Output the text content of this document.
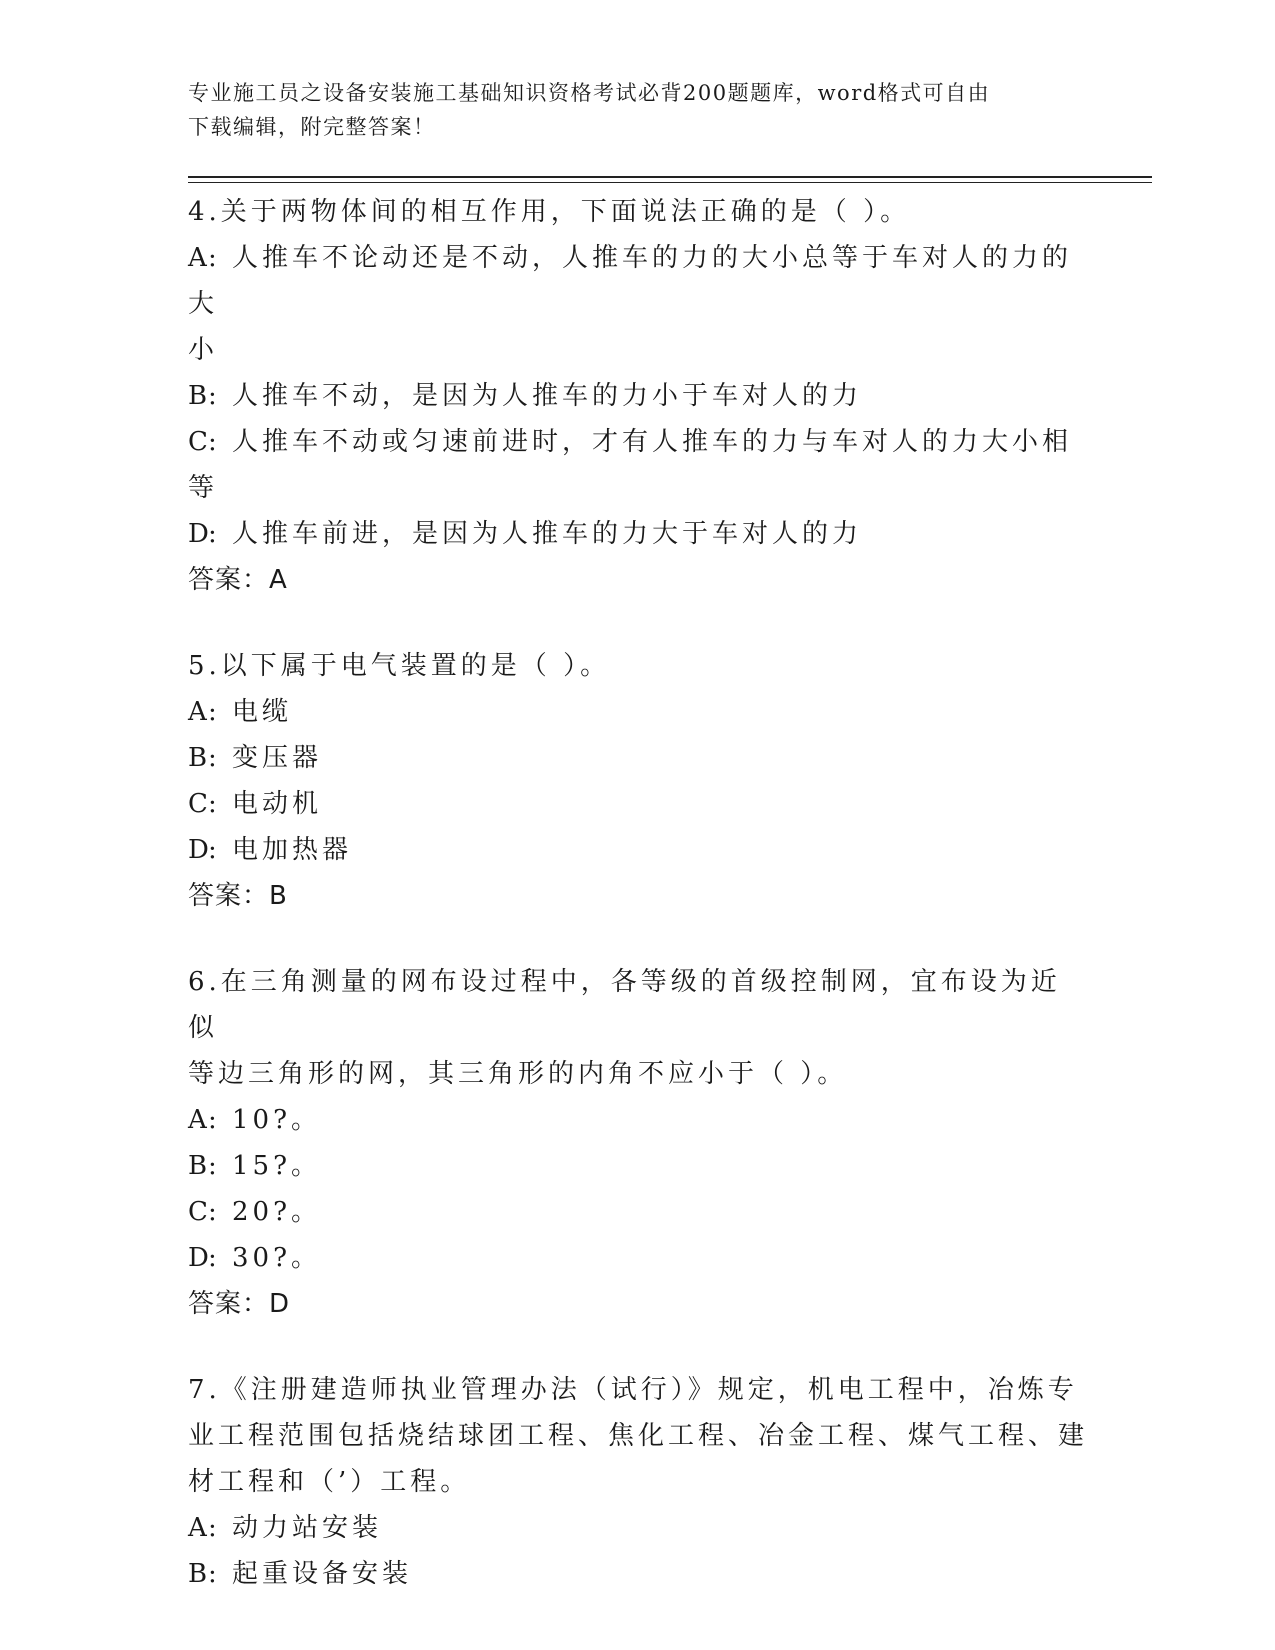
专业施工员之设备安装施工基础知识资格考试必背200题题库，word格式可自由
下载编辑，附完整答案！
4.关于两物体间的相互作用，下面说法正确的是（ ）。
A: 人推车不论动还是不动，人推车的力的大小总等于车对人的力的大
小
B: 人推车不动，是因为人推车的力小于车对人的力
C: 人推车不动或匀速前进时，才有人推车的力与车对人的力大小相等
D: 人推车前进，是因为人推车的力大于车对人的力
答案：A
5.以下属于电气装置的是（ ）。
A: 电缆
B: 变压器
C: 电动机
D: 电加热器
答案：B
6.在三角测量的网布设过程中，各等级的首级控制网，宜布设为近似
等边三角形的网，其三角形的内角不应小于（ ）。
A: 10?。
B: 15?。
C: 20?。
D: 30?。
答案：D
7.《注册建造师执业管理办法（试行）》规定，机电工程中，冶炼专
业工程范围包括烧结球团工程、焦化工程、冶金工程、煤气工程、建
材工程和（’）工程。
A: 动力站安装
B: 起重设备安装
